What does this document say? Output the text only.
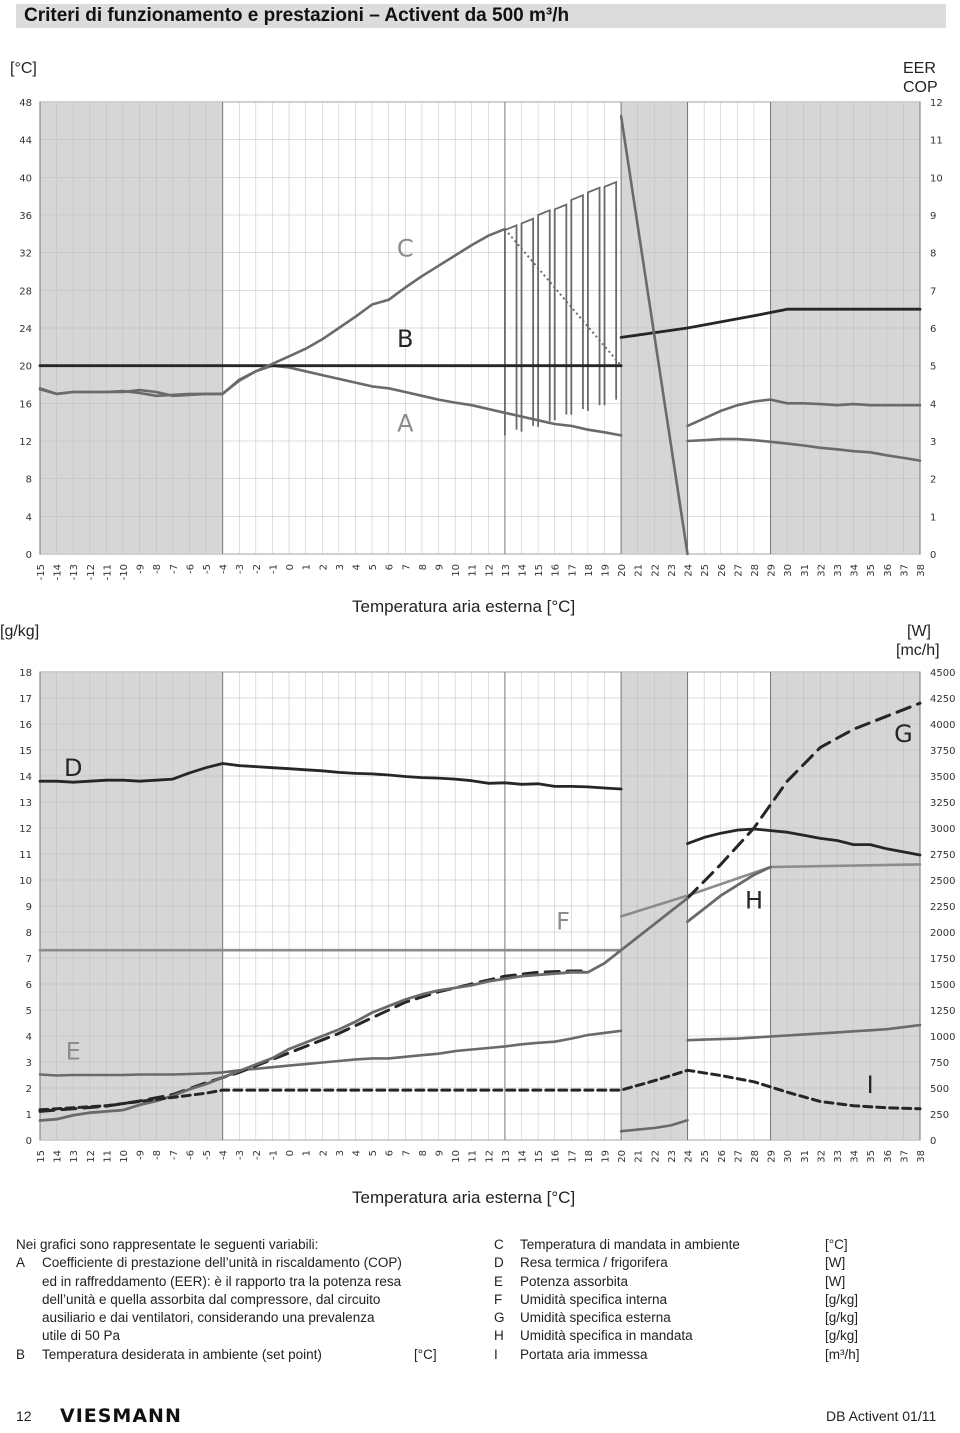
Criteri di funzionamento e prestazioni – Activent da 500 m³/h
[°C]	EER
COP
0
4
8
12
16
20
24
28
32
36
40
44
48
0
1
2
3
4
5
6
7
8
9
10
11
12
-15 -14 -13 -12 -11 -10 -9 -8 -7 -6 -5 -4 -3 -2 -1 0 1 2 3 4 5 6 7 8 9 10 11 12 13 14 15 16 17 18 19 20 21 22 23 24 25 26 27 28 29 30 31 32 33 34 35 36 37 38
C
B
A
Temperatura aria esterna [°C]
[g/kg]	[W]
[mc/h]
0
1
2
3
4
5
6
7
8
9
10
11
12
13
14
15
16
17
18
0
250
500
750
1000
1250
1500
1750
2000
2250
2500
2750
3000
3250
3500
3750
4000
4250
4500
15 14 13 12 11 10 -9 -8 -7 -6 -5 -4 -3 -2 -1 0 1 2 3 4 5 6 7 8 9 10 11 12 13 14 15 16 17 18 19 20 21 22 23 24 25 26 27 28 29 30 31 32 33 34 35 36 37 38
D
E
F
G
H
I
Temperatura aria esterna [°C]
Nei grafici sono rappresentate le seguenti variabili:
A	Coefficiente di prestazione dell’unità in riscaldamento (COP)
ed in raffreddamento (EER): è il rapporto tra la potenza resa
dell’unità e quella assorbita dal compressore, dal circuito
ausiliario e dai ventilatori, considerando una prevalenza
utile di 50 Pa
B	Temperatura desiderata in ambiente (set point)	[°C]
C	Temperatura di mandata in ambiente	[°C]
D	Resa termica / frigorifera	[W]
E	Potenza assorbita	[W]
F	Umidità specifica interna	[g/kg]
G	Umidità specifica esterna	[g/kg]
H	Umidità specifica in mandata	[g/kg]
I	Portata aria immessa	[m³/h]
12 VIESMANN	DB Activent 01/11
